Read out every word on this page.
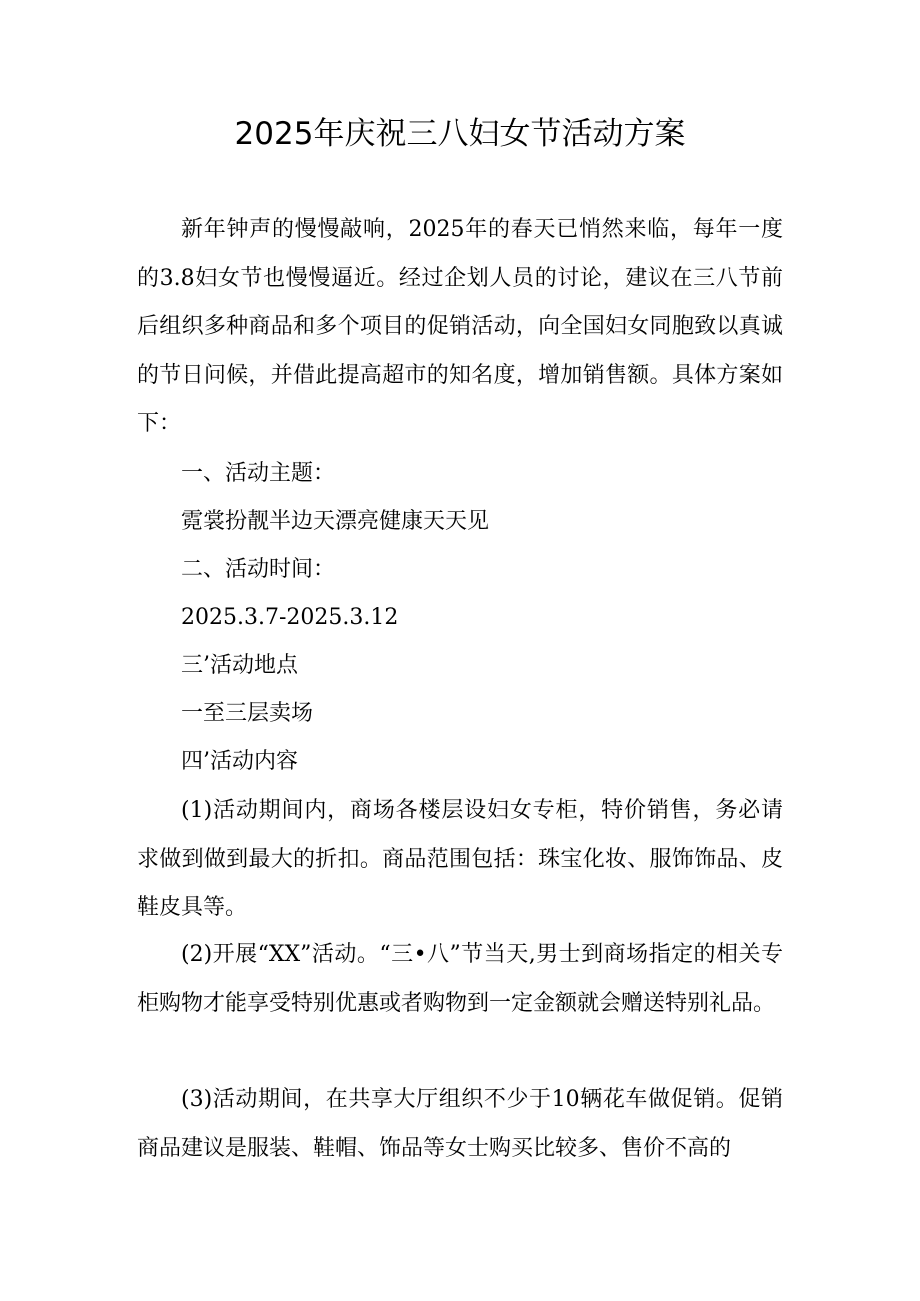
2025年庆祝三八妇女节活动方案

新年钟声的慢慢敲响，2025年的春天已悄然来临，每年一度的3.8妇女节也慢慢逼近。经过企划人员的讨论，建议在三八节前后组织多种商品和多个项目的促销活动，向全国妇女同胞致以真诚的节日问候，并借此提高超市的知名度，增加销售额。具体方案如下：

一、活动主题：
霓裳扮靓半边天漂亮健康天天见
二、活动时间：
2025.3.7-2025.3.12
三’活动地点
一至三层卖场
四’活动内容

(1)活动期间内，商场各楼层设妇女专柜，特价销售，务必请求做到做到最大的折扣。商品范围包括：珠宝化妆、服饰饰品、皮鞋皮具等。

(2)开展“XX”活动。“三•八”节当天,男士到商场指定的相关专柜购物才能享受特别优惠或者购物到一定金额就会赠送特别礼品。

(3)活动期间，在共享大厅组织不少于10辆花车做促销。促销商品建议是服装、鞋帽、饰品等女士购买比较多、售价不高的
